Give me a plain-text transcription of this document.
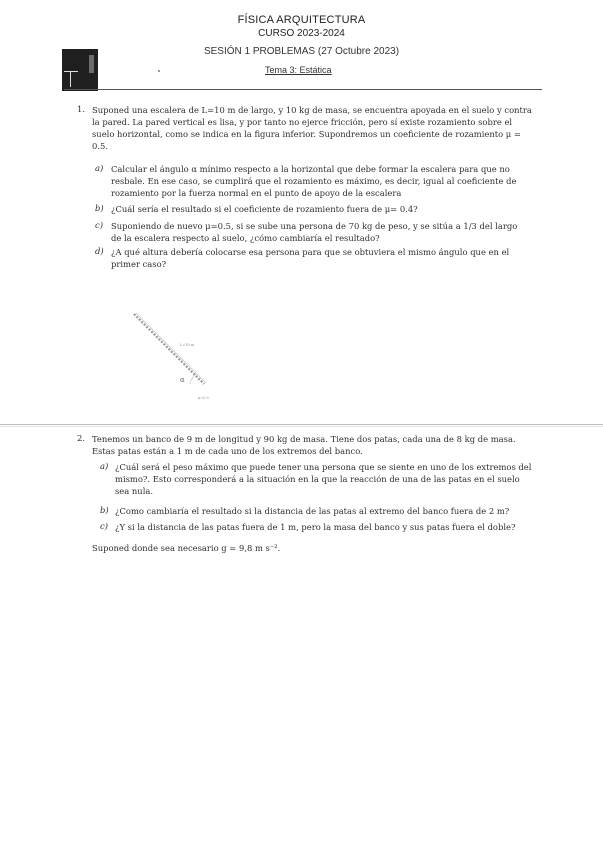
FÍSICA ARQUITECTURA
CURSO 2023-2024
SESIÓN 1 PROBLEMAS (27 Octubre 2023)
Tema 3: Estática
1. Suponed una escalera de L=10 m de largo, y 10 kg de masa, se encuentra apoyada en el suelo y contra
la pared. La pared vertical es lisa, y por tanto no ejerce fricción, pero sí existe rozamiento sobre el
suelo horizontal, como se indica en la figura inferior. Supondremos un coeficiente de rozamiento μ =
0.5.
a) Calcular el ángulo α mínimo respecto a la horizontal que debe formar la escalera para que no
resbale. En ese caso, se cumplirá que el rozamiento es máximo, es decir, igual al coeficiente de
rozamiento por la fuerza normal en el punto de apoyo de la escalera
b) ¿Cuál sería el resultado si el coeficiente de rozamiento fuera de μ= 0.4?
c) Suponiendo de nuevo μ=0.5, si se sube una persona de 70 kg de peso, y se sitúa a 1/3 del largo
de la escalera respecto al suelo, ¿cómo cambiaría el resultado?
d) ¿A qué altura debería colocarse esa persona para que se obtuviera el mismo ángulo que en el
primer caso?
L=10 m
α
μ=0.5
2. Tenemos un banco de 9 m de longitud y 90 kg de masa. Tiene dos patas, cada una de 8 kg de masa.
Estas patas están a 1 m de cada uno de los extremos del banco.
a) ¿Cuál será el peso máximo que puede tener una persona que se siente en uno de los extremos del
mismo?. Esto corresponderá a la situación en la que la reacción de una de las patas en el suelo
sea nula.
b) ¿Como cambiaría el resultado si la distancia de las patas al extremo del banco fuera de 2 m?
c) ¿Y si la distancia de las patas fuera de 1 m, pero la masa del banco y sus patas fuera el doble?
Suponed donde sea necesario g = 9,8 m s⁻².
